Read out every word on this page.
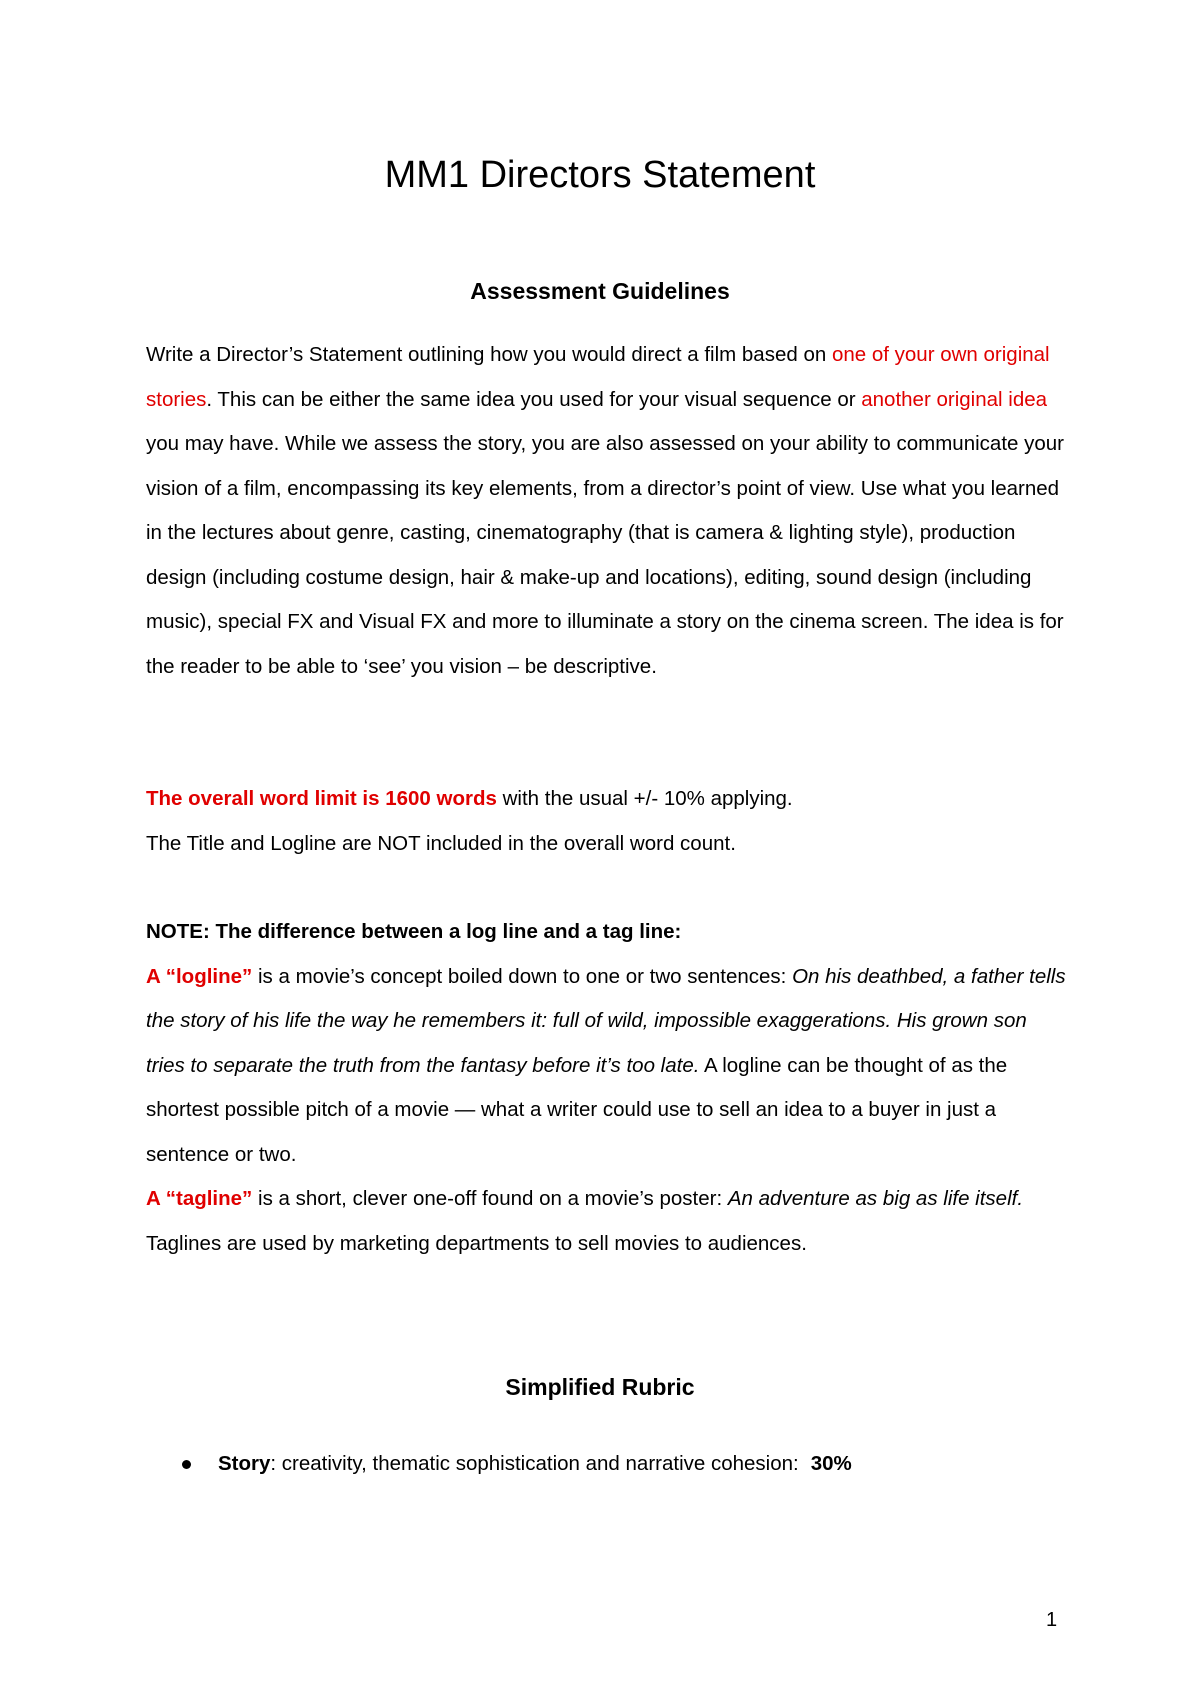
MM1 Directors Statement
Assessment Guidelines

Write a Director’s Statement outlining how you would direct a film based on one of your own original stories. This can be either the same idea you used for your visual sequence or another original idea you may have. While we assess the story, you are also assessed on your ability to communicate your vision of a film, encompassing its key elements, from a director’s point of view. Use what you learned in the lectures about genre, casting, cinematography (that is camera & lighting style), production design (including costume design, hair & make-up and locations), editing, sound design (including music), special FX and Visual FX and more to illuminate a story on the cinema screen. The idea is for the reader to be able to ‘see’ you vision – be descriptive.

The overall word limit is 1600 words with the usual +/- 10% applying.
The Title and Logline are NOT included in the overall word count.

NOTE: The difference between a log line and a tag line:
A “logline” is a movie’s concept boiled down to one or two sentences: On his deathbed, a father tells the story of his life the way he remembers it: full of wild, impossible exaggerations. His grown son tries to separate the truth from the fantasy before it’s too late. A logline can be thought of as the shortest possible pitch of a movie — what a writer could use to sell an idea to a buyer in just a sentence or two.
A “tagline” is a short, clever one-off found on a movie’s poster: An adventure as big as life itself. Taglines are used by marketing departments to sell movies to audiences.

Simplified Rubric
Story: creativity, thematic sophistication and narrative cohesion: 30%
1
